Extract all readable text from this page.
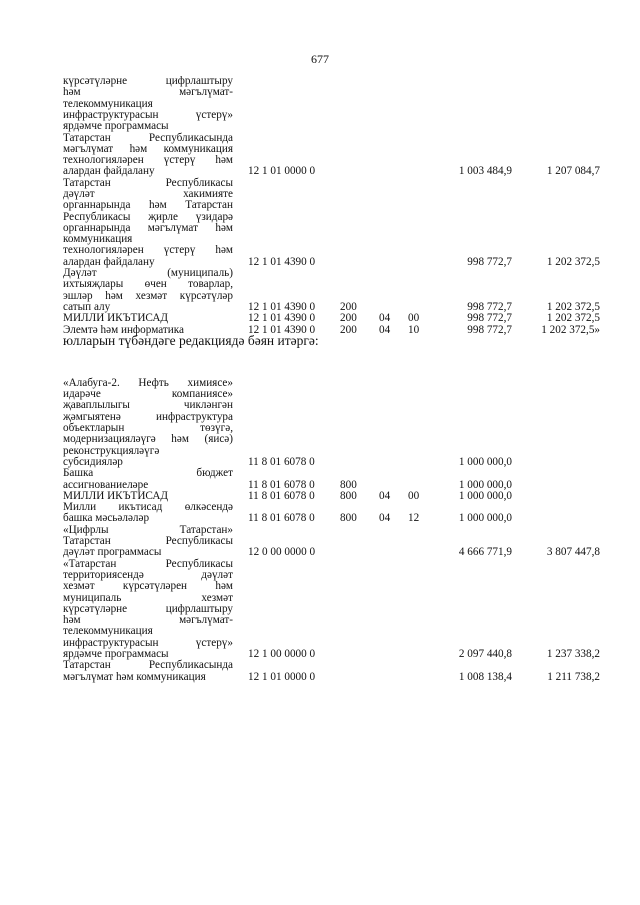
677
күрсәтүләрне цифрлаштыру
һәм мәгълүмат-
телекоммуникация
инфраструктурасын үстерү»
ярдәмче программасы
Татарстан Республикасында
мәгълүмат һәм коммуникация
технологияләрен үстерү һәм
алардан файдалану	12 1 01 0000 0	1 003 484,9	1 207 084,7
Татарстан Республикасы
дәүләт хакимияте
органнарында һәм Татарстан
Республикасы җирле үзидарә
органнарында мәгълүмат һәм
коммуникация
технологияләрен үстерү һәм
алардан файдалану	12 1 01 4390 0	998 772,7	1 202 372,5
Дәүләт (муниципаль)
ихтыяҗлары өчен товарлар,
эшләр һәм хезмәт күрсәтүләр
сатып алу	12 1 01 4390 0 200	998 772,7	1 202 372,5
МИЛЛИ ИКЪТИСАД	12 1 01 4390 0 200 04 00	998 772,7	1 202 372,5
Элемтә һәм информатика	12 1 01 4390 0 200 04 10	998 772,7	1 202 372,5»
юлларын түбәндәге редакциядә бәян итәргә:
«Алабуга-2. Нефть химиясе»
идарәче компаниясе»
җаваплылыгы чикләнгән
җәмгыятенә инфраструктура
объектларын төзүгә,
модернизацияләүгә һәм (яисә)
реконструкцияләүгә
субсидияләр	11 8 01 6078 0	1 000 000,0
Башка бюджет
ассигнованиеләре	11 8 01 6078 0 800	1 000 000,0
МИЛЛИ ИКЪТИСАД	11 8 01 6078 0 800 04 00	1 000 000,0
Милли икътисад өлкәсендә
башка мәсьәләләр	11 8 01 6078 0 800 04 12	1 000 000,0
«Цифрлы Татарстан»
Татарстан Республикасы
дәүләт программасы	12 0 00 0000 0	4 666 771,9	3 807 447,8
«Татарстан Республикасы
территориясендә дәүләт
хезмәт күрсәтүләрен һәм
муниципаль хезмәт
күрсәтүләрне цифрлаштыру
һәм мәгълүмат-
телекоммуникация
инфраструктурасын үстерү»
ярдәмче программасы	12 1 00 0000 0	2 097 440,8	1 237 338,2
Татарстан Республикасында
мәгълүмат һәм коммуникация	12 1 01 0000 0	1 008 138,4	1 211 738,2
